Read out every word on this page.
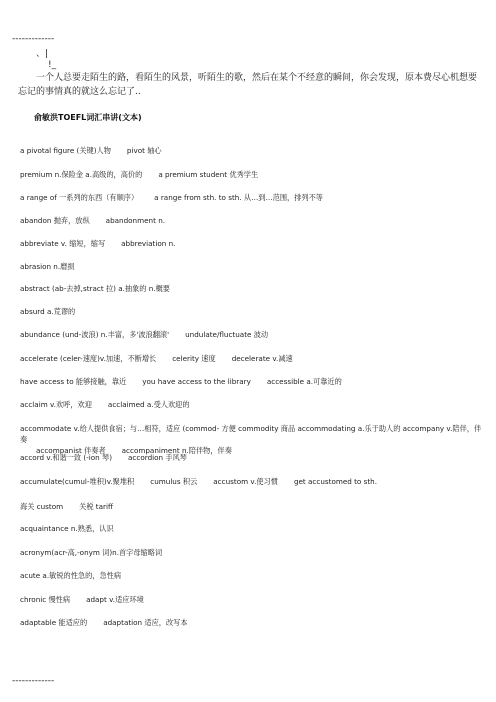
-------------
、|
!_
一个人总要走陌生的路，看陌生的风景，听陌生的歌，然后在某个不经意的瞬间，你会发现，原本费尽心机想要忘记的事情真的就这么忘记了..
俞敏洪TOEFL词汇串讲(文本)
a pivotal figure (关键)人物 pivot 轴心
premium n.保险金 a.高级的，高价的 a premium student 优秀学生
a range of 一系列的东西（有顺序） a range from sth. to sth. 从…到…范围，排列不等
abandon 抛弃，放纵 abandonment n.
abbreviate v. 缩短，缩写 abbreviation n.
abrasion n.磨损
abstract (ab-去掉,stract 拉) a.抽象的 n.概要
absurd a.荒谬的
abundance (und-波浪) n.丰富，多'波浪翻滚' undulate/fluctuate 波动
accelerate (celer-速度)v.加速，不断增长 celerity 速度 decelerate v.减速
have access to 能够接触，靠近 you have access to the library accessible a.可靠近的
acclaim v.欢呼，欢迎 acclaimed a.受人欢迎的
accommodate v.给人提供食宿；与…相符，适应 (commod- 方便 commodity 商品 accommodating a.乐于助人的 accompany v.陪伴，伴奏accompanist 伴奏者 accompaniment n.陪伴物，伴奏
accord v.和谐一致 (-ion 琴) accordion 手风琴
accumulate(cumul-堆积)v.聚堆积 cumulus 积云 accustom v.使习惯 get accustomed to sth.
海关 custom 关税 tariff
acquaintance n.熟悉，认识
acronym(acr-高,-onym 词)n.首字母缩略词
acute a.敏锐的性急的，急性病
chronic 慢性病 adapt v.适应环境
adaptable 能适应的 adaptation 适应，改写本
-------------
